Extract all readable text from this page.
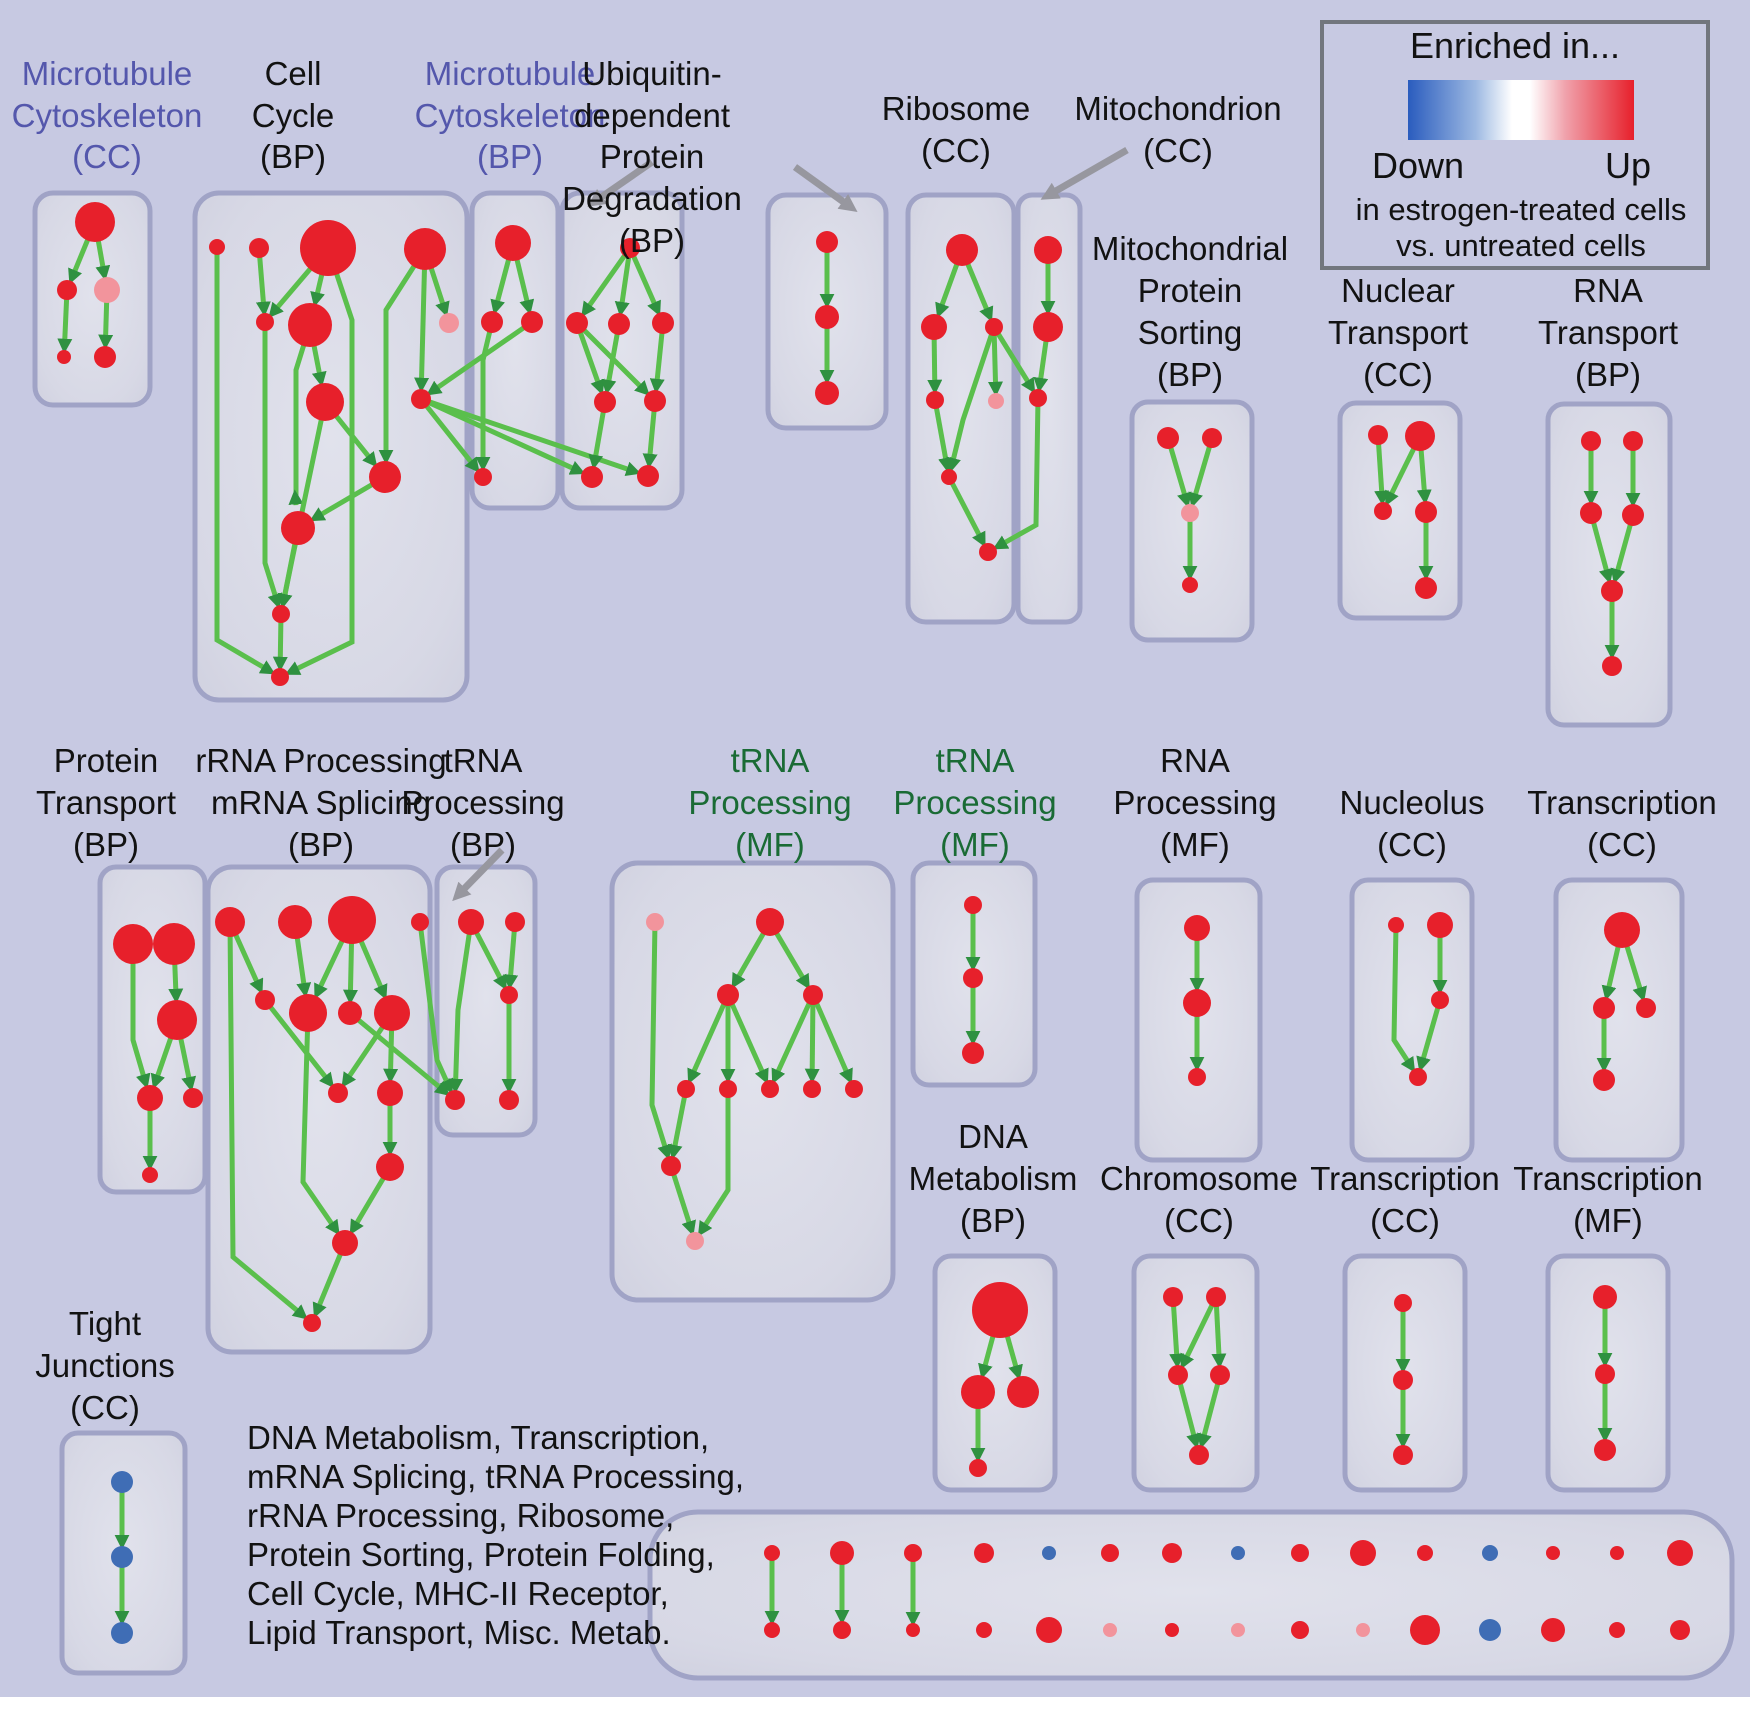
Microtubule Cytoskeleton (CC)
Cell Cycle (BP)
Microtubule Cytoskeleton (BP)
Ubiquitin-dependent Protein Degradation (BP)
Ribosome (CC)
Mitochondrion (CC)
Mitochondrial Protein Sorting (BP)
Nuclear Transport (CC)
RNA Transport (BP)
Protein Transport (BP)
rRNA Processing mRNA Splicing (BP)
tRNA Processing (BP)
tRNA Processing (MF)
tRNA Processing (MF)
RNA Processing (MF)
Nucleolus (CC)
Transcription (CC)
DNA Metabolism (BP)
Chromosome (CC)
Transcription (CC)
Transcription (MF)
Tight Junctions (CC)
Enriched in...
Down	Up
in estrogen-treated cells
vs. untreated cells
DNA Metabolism, Transcription, mRNA Splicing, tRNA Processing, rRNA Processing, Ribosome, Protein Sorting, Protein Folding, Cell Cycle, MHC-II Receptor, Lipid Transport, Misc. Metab.
